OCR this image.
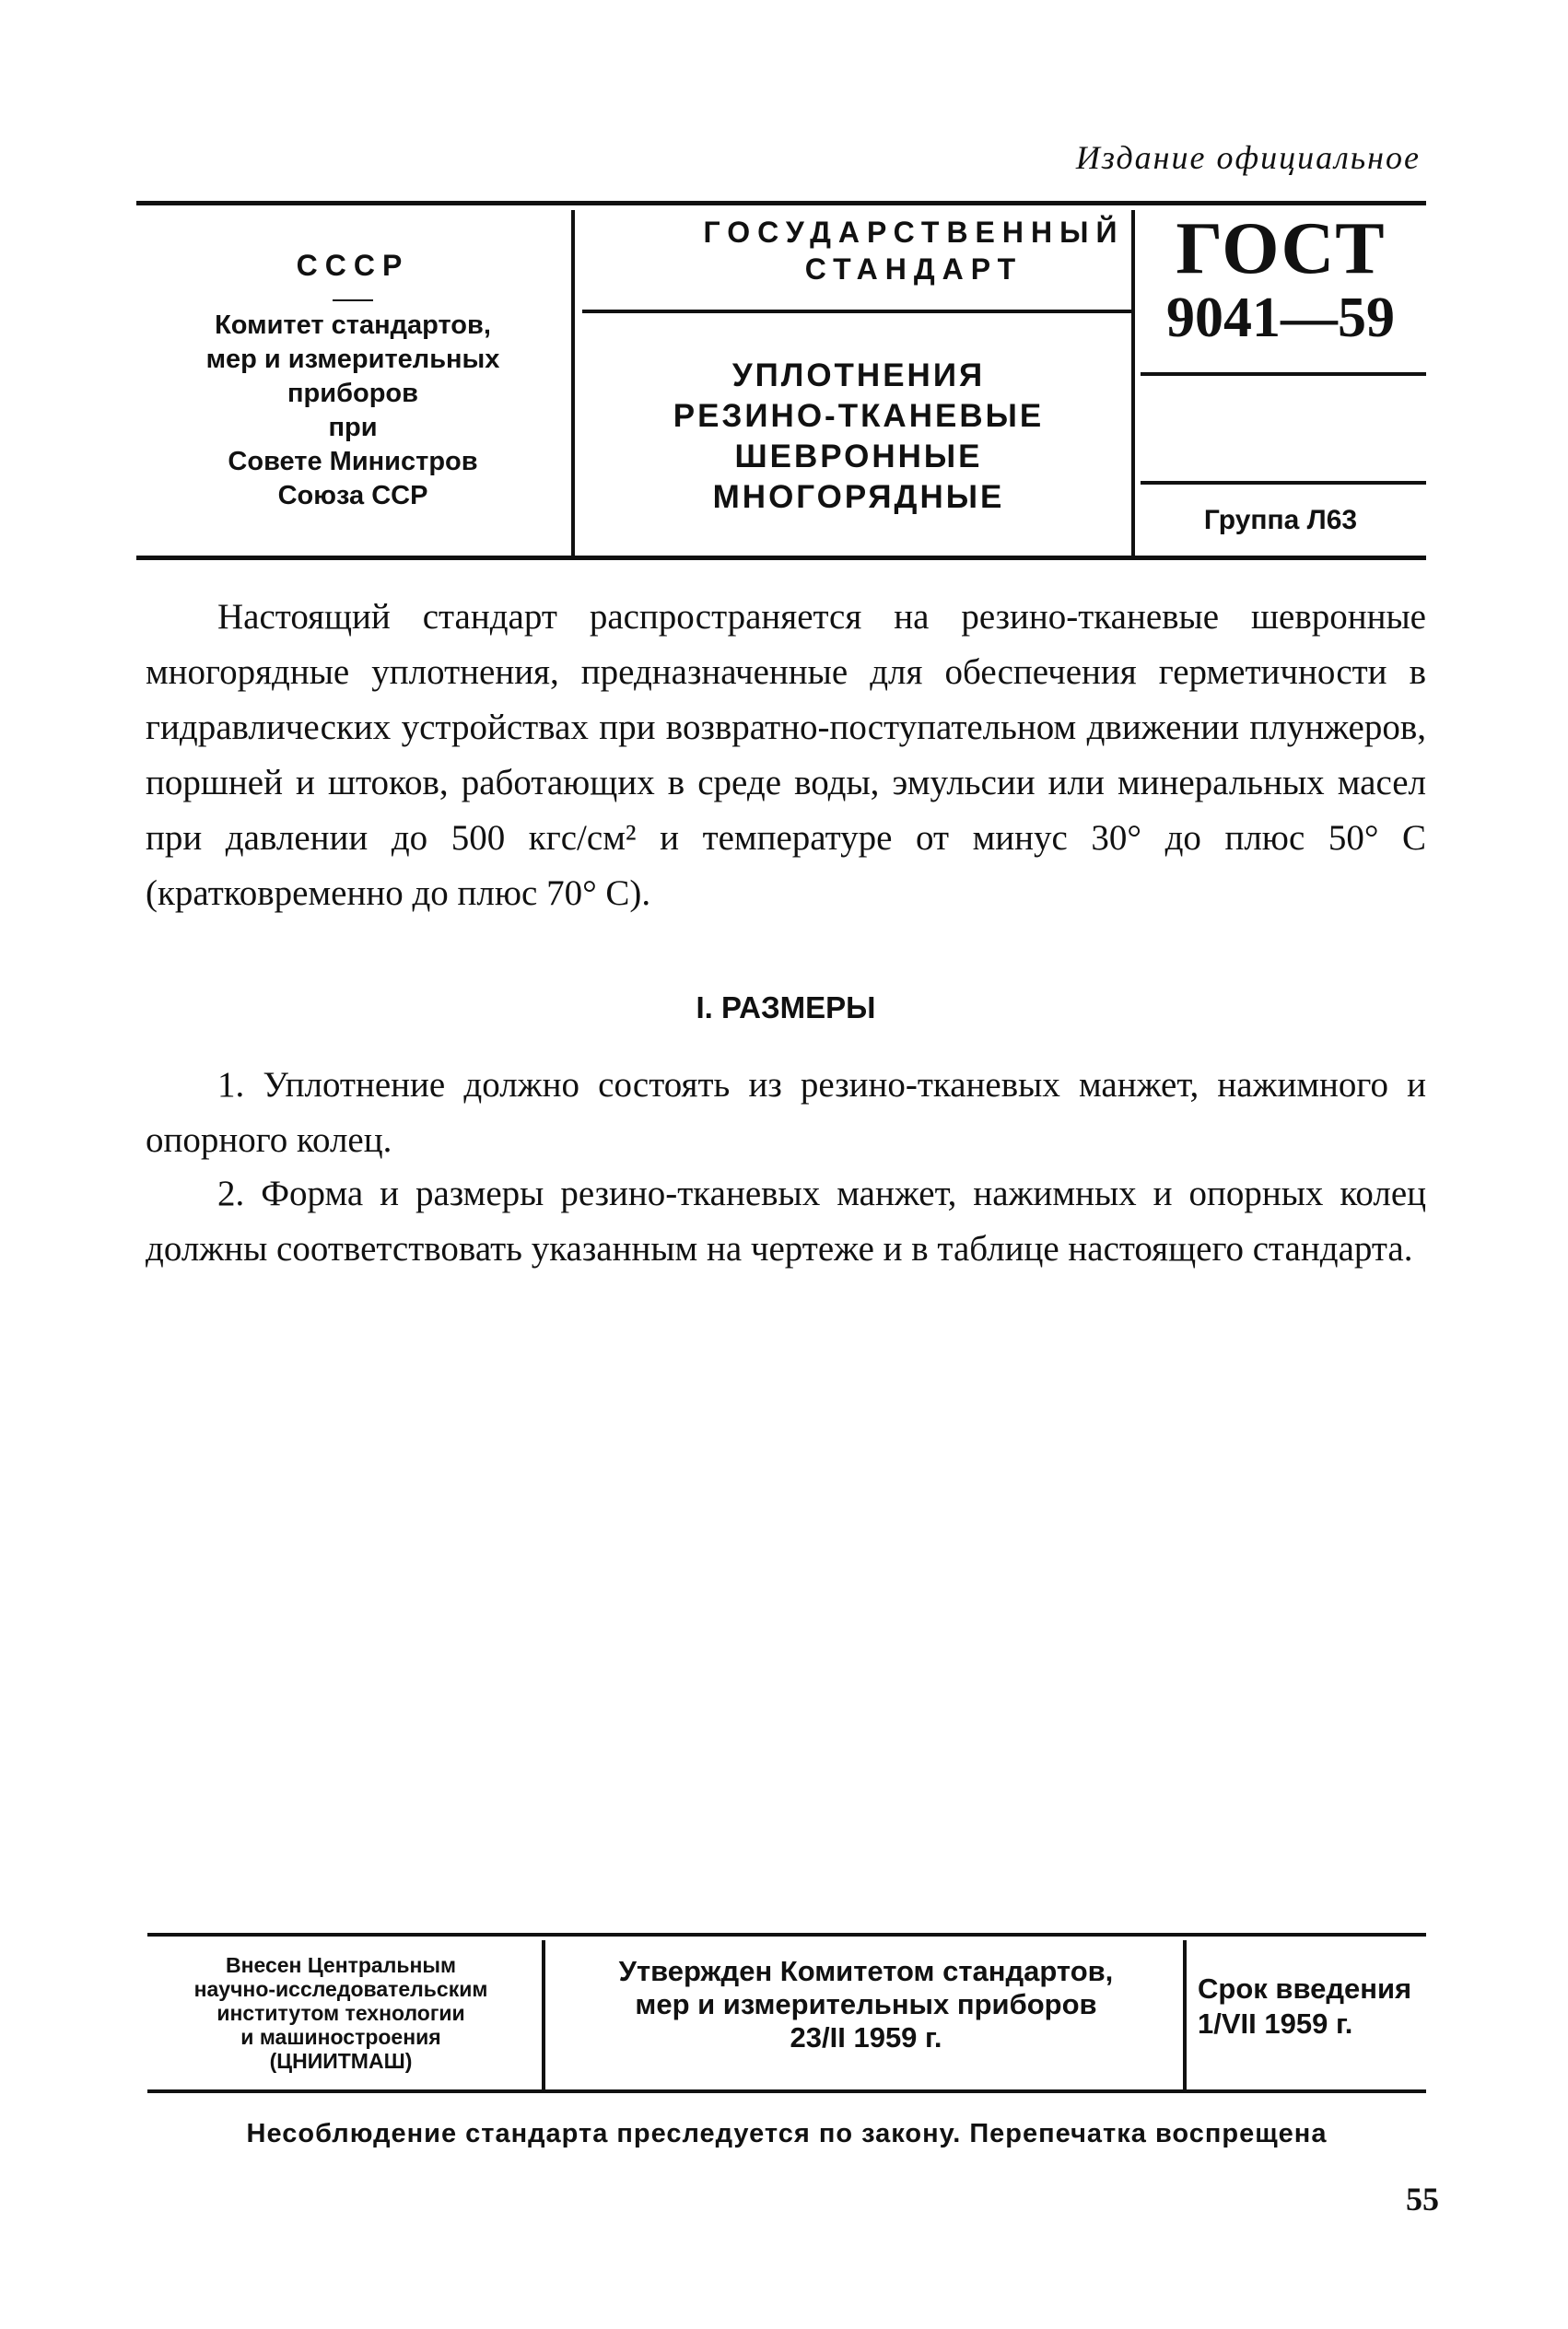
Издание официальное
СССР
Комитет стандартов,
мер и измерительных
приборов
при
Совете Министров
Союза ССР
ГОСУДАРСТВЕННЫЙ
СТАНДАРТ
УПЛОТНЕНИЯ
РЕЗИНО-ТКАНЕВЫЕ
ШЕВРОННЫЕ
МНОГОРЯДНЫЕ
ГОСТ
9041—59
Группа Л63
Настоящий стандарт распространяется на резино-тканевые шевронные многорядные уплотнения, предназначенные для обеспечения герметичности в гидравлических устройствах при возвратно-поступательном движении плунжеров, поршней и штоков, работающих в среде воды, эмульсии или минеральных масел при давлении до 500 кгс/см² и температуре от минус 30° до плюс 50° С (кратковременно до плюс 70° С).
I. РАЗМЕРЫ
1. Уплотнение должно состоять из резино-тканевых манжет, нажимного и опорного колец.
2. Форма и размеры резино-тканевых манжет, нажимных и опорных колец должны соответствовать указанным на чертеже и в таблице настоящего стандарта.
Внесен Центральным
научно-исследовательским
институтом технологии
и машиностроения
(ЦНИИТМАШ)
Утвержден Комитетом стандартов,
мер и измерительных приборов
23/II 1959 г.
Срок введения
1/VII 1959 г.
Несоблюдение стандарта преследуется по закону. Перепечатка воспрещена
55
